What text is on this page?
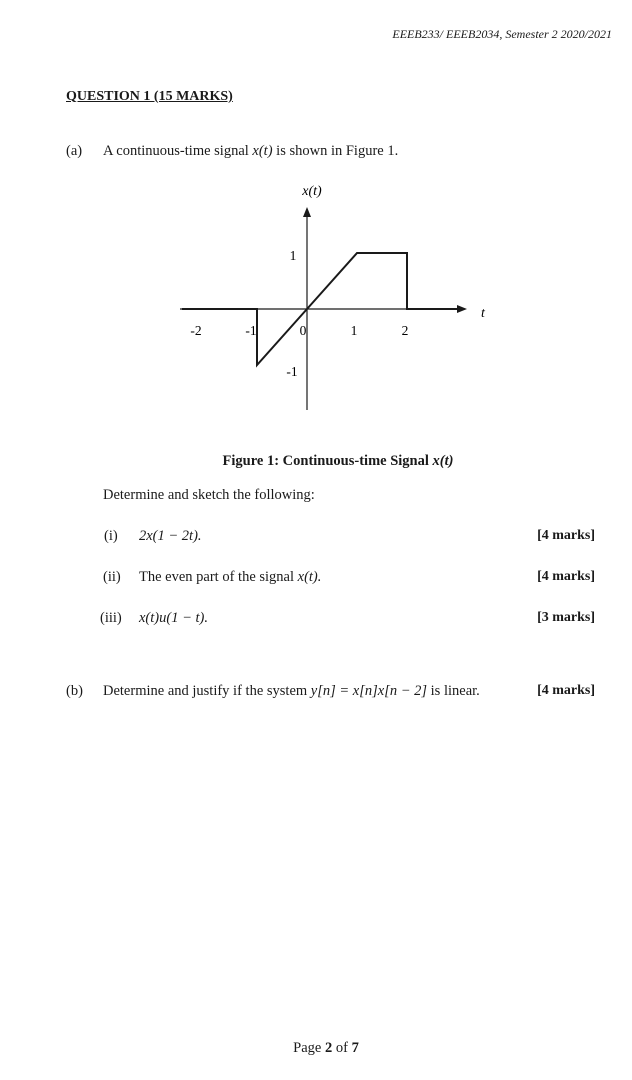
EEEB233/ EEEB2034, Semester 2 2020/2021
QUESTION 1 (15 MARKS)
(a) A continuous-time signal x(t) is shown in Figure 1.
x(t)
t
-2	-1	0	1	2
1
-1
Figure 1: Continuous-time Signal x(t)
Determine and sketch the following:
(i) 2x(1 − 2t).	[4 marks]
(ii) The even part of the signal x(t).	[4 marks]
(iii) x(t)u(1 − t).	[3 marks]
(b) Determine and justify if the system y[n] = x[n]x[n − 2] is linear.	[4 marks]
Page 2 of 7
